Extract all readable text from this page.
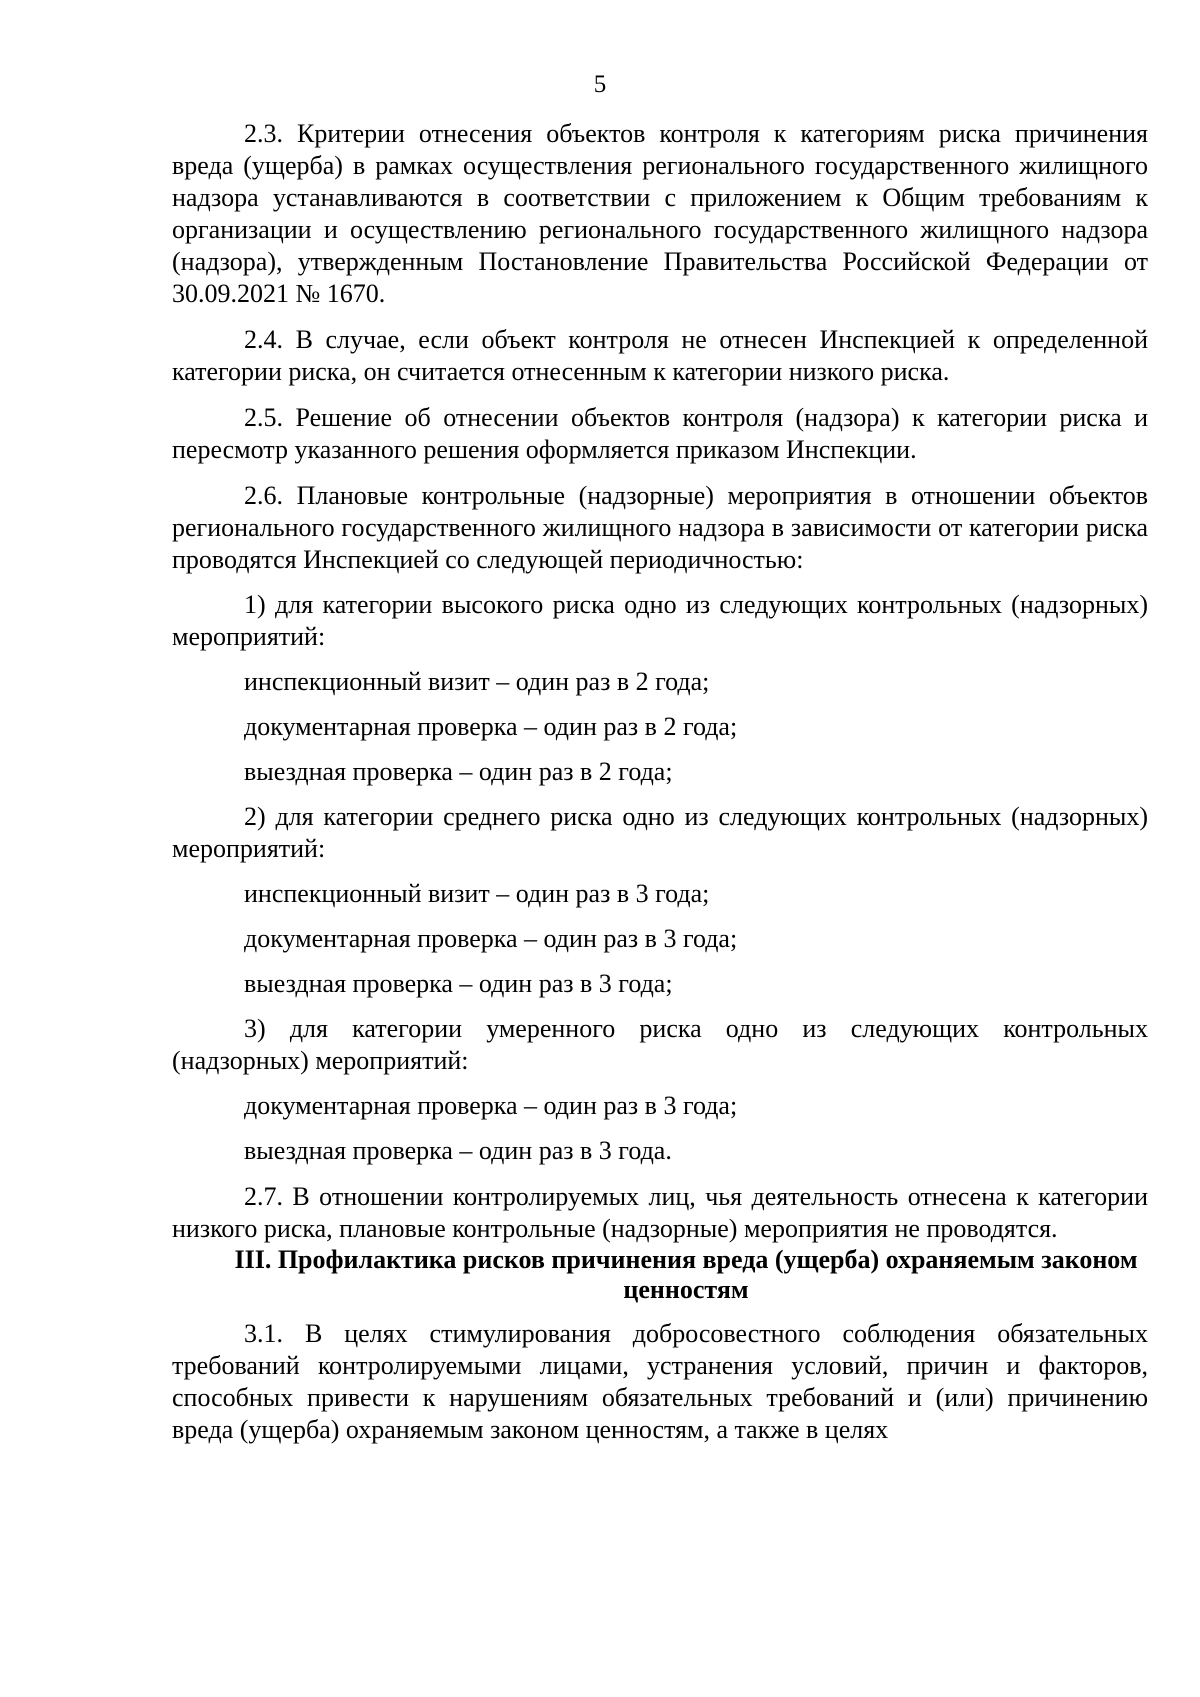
5

2.3. Критерии отнесения объектов контроля к категориям риска причинения вреда (ущерба) в рамках осуществления регионального государственного жилищного надзора устанавливаются в соответствии с приложением к Общим требованиям к организации и осуществлению регионального государственного жилищного надзора (надзора), утвержденным Постановление Правительства Российской Федерации от 30.09.2021 № 1670.

2.4. В случае, если объект контроля не отнесен Инспекцией к определенной категории риска, он считается отнесенным к категории низкого риска.

2.5. Решение об отнесении объектов контроля (надзора) к категории риска и пересмотр указанного решения оформляется приказом Инспекции.

2.6. Плановые контрольные (надзорные) мероприятия в отношении объектов регионального государственного жилищного надзора в зависимости от категории риска проводятся Инспекцией со следующей периодичностью:

1) для категории высокого риска одно из следующих контрольных (надзорных) мероприятий:

инспекционный визит – один раз в 2 года;

документарная проверка – один раз в 2 года;

выездная проверка – один раз в 2 года;

2) для категории среднего риска одно из следующих контрольных (надзорных) мероприятий:

инспекционный визит – один раз в 3 года;

документарная проверка – один раз в 3 года;

выездная проверка – один раз в 3 года;

3) для категории умеренного риска одно из следующих контрольных (надзорных) мероприятий:

документарная проверка – один раз в 3 года;

выездная проверка – один раз в 3 года.

2.7. В отношении контролируемых лиц, чья деятельность отнесена к категории низкого риска, плановые контрольные (надзорные) мероприятия не проводятся.

III. Профилактика рисков причинения вреда (ущерба) охраняемым законом ценностям

3.1. В целях стимулирования добросовестного соблюдения обязательных требований контролируемыми лицами, устранения условий, причин и факторов, способных привести к нарушениям обязательных требований и (или) причинению вреда (ущерба) охраняемым законом ценностям, а также в целях
